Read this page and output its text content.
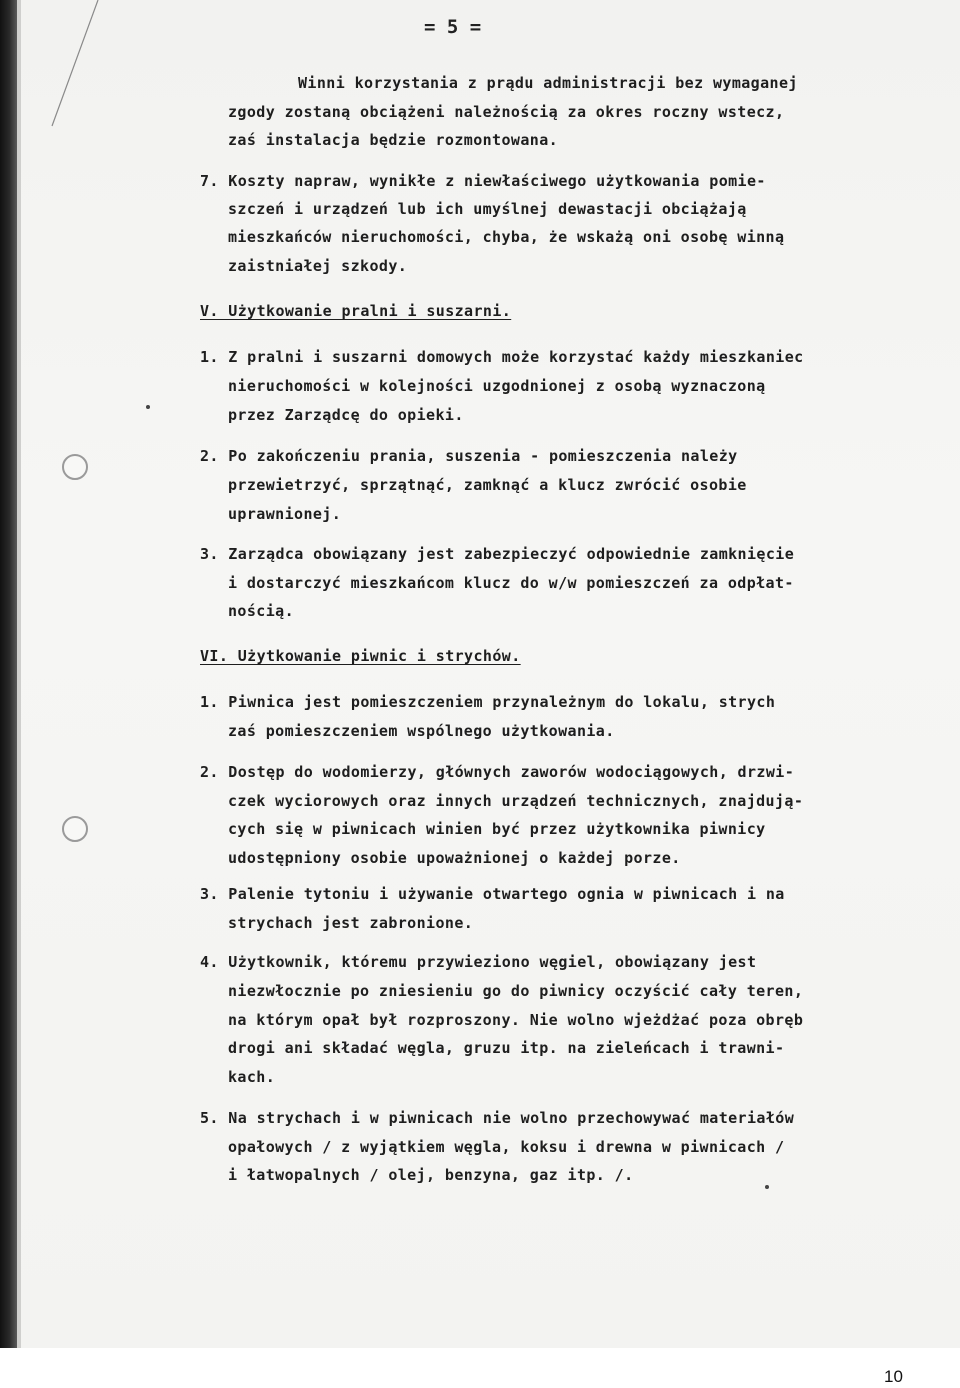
= 5 =
Winni korzystania z prądu administracji bez wymaganej
zgody zostaną obciążeni należnością za okres roczny wstecz,
zaś instalacja będzie rozmontowana.
7. Koszty napraw, wynikłe z niewłaściwego użytkowania pomie-
szczeń i urządzeń lub ich umyślnej dewastacji obciążają
mieszkańców nieruchomości, chyba, że wskażą oni osobę winną
zaistniałej szkody.
V. Użytkowanie pralni i suszarni.
1. Z pralni i suszarni domowych może korzystać każdy mieszkaniec
nieruchomości w kolejności uzgodnionej z osobą wyznaczoną
przez Zarządcę do opieki.
2. Po zakończeniu prania, suszenia - pomieszczenia należy
przewietrzyć, sprzątnąć, zamknąć a klucz zwrócić osobie
uprawnionej.
3. Zarządca obowiązany jest zabezpieczyć odpowiednie zamknięcie
i dostarczyć mieszkańcom klucz do w/w pomieszczeń za odpłat-
nością.
VI. Użytkowanie piwnic i strychów.
1. Piwnica jest pomieszczeniem przynależnym do lokalu, strych
zaś pomieszczeniem wspólnego użytkowania.
2. Dostęp do wodomierzy, głównych zaworów wodociągowych, drzwi-
czek wyciorowych oraz innych urządzeń technicznych, znajdują-
cych się w piwnicach winien być przez użytkownika piwnicy
udostępniony osobie upoważnionej o każdej porze.
3. Palenie tytoniu i używanie otwartego ognia w piwnicach i na
strychach jest zabronione.
4. Użytkownik, któremu przywieziono węgiel, obowiązany jest
niezwłocznie po zniesieniu go do piwnicy oczyścić cały teren,
na którym opał był rozproszony. Nie wolno wjeżdżać poza obręb
drogi ani składać węgla, gruzu itp. na zieleńcach i trawni-
kach.
5. Na strychach i w piwnicach nie wolno przechowywać materiałów
opałowych / z wyjątkiem węgla, koksu i drewna w piwnicach /
i łatwopalnych / olej, benzyna, gaz itp. /.
10
